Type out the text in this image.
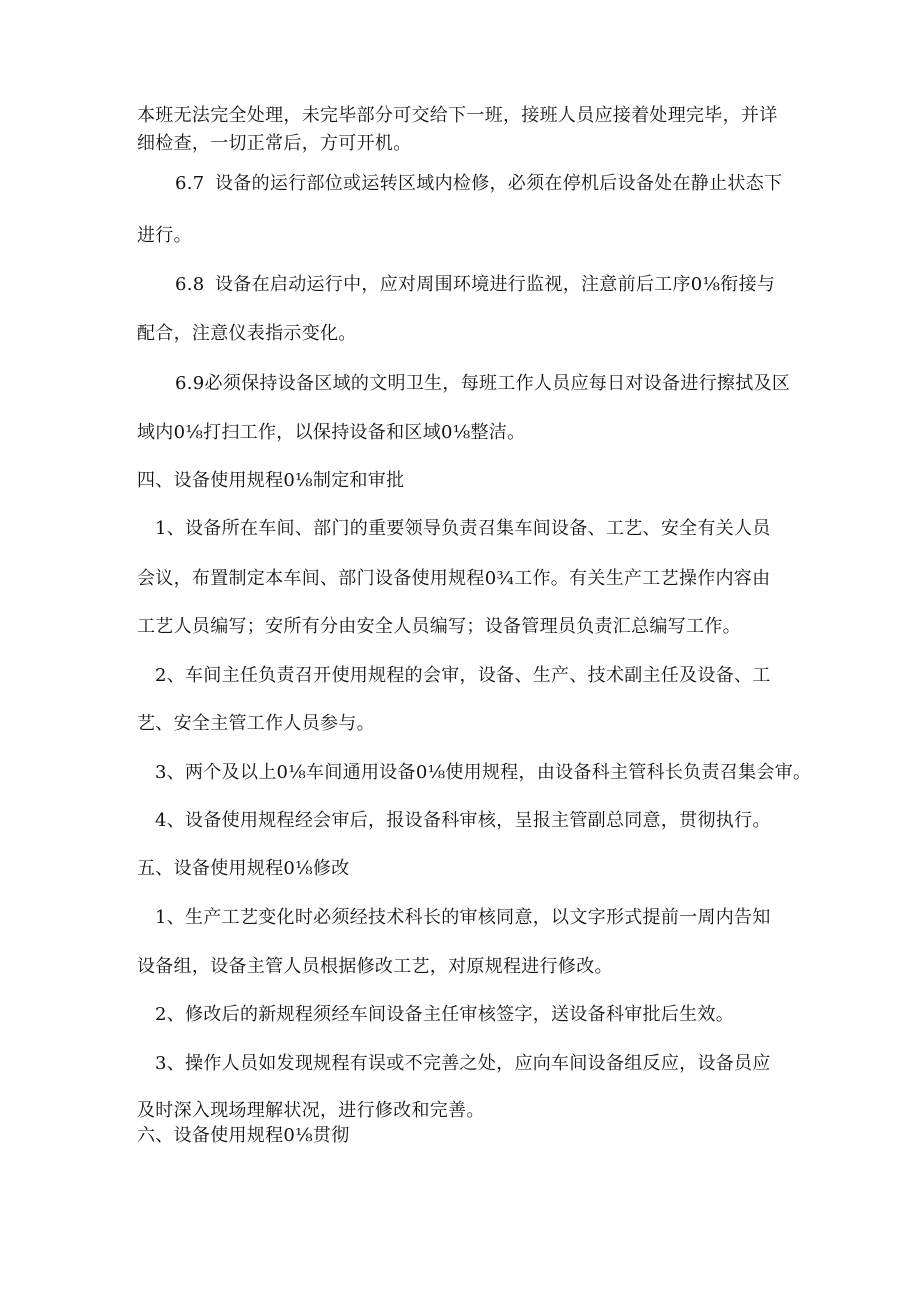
本班无法完全处理，未完毕部分可交给下一班，接班人员应接着处理完毕，并详
细检查，一切正常后，方可开机。
6.7 设备的运行部位或运转区域内检修，必须在停机后设备处在静止状态下
进行。
6.8 设备在启动运行中，应对周围环境进行监视，注意前后工序0⅛衔接与
配合，注意仪表指示变化。
6.9必须保持设备区域的文明卫生，每班工作人员应每日对设备进行擦拭及区
域内0⅛打扫工作，以保持设备和区域0⅛整洁。
四、设备使用规程0⅛制定和审批
1、设备所在车间、部门的重要领导负责召集车间设备、工艺、安全有关人员
会议，布置制定本车间、部门设备使用规程0¾工作。有关生产工艺操作内容由
工艺人员编写；安所有分由安全人员编写；设备管理员负责汇总编写工作。
2、车间主任负责召开使用规程的会审，设备、生产、技术副主任及设备、工
艺、安全主管工作人员参与。
3、两个及以上0⅛车间通用设备0⅛使用规程，由设备科主管科长负责召集会审。
4、设备使用规程经会审后，报设备科审核，呈报主管副总同意，贯彻执行。
五、设备使用规程0⅛修改
1、生产工艺变化时必须经技术科长的审核同意，以文字形式提前一周内告知
设备组，设备主管人员根据修改工艺，对原规程进行修改。
2、修改后的新规程须经车间设备主任审核签字，送设备科审批后生效。
3、操作人员如发现规程有误或不完善之处，应向车间设备组反应，设备员应
及时深入现场理解状况，进行修改和完善。
六、设备使用规程0⅛贯彻
